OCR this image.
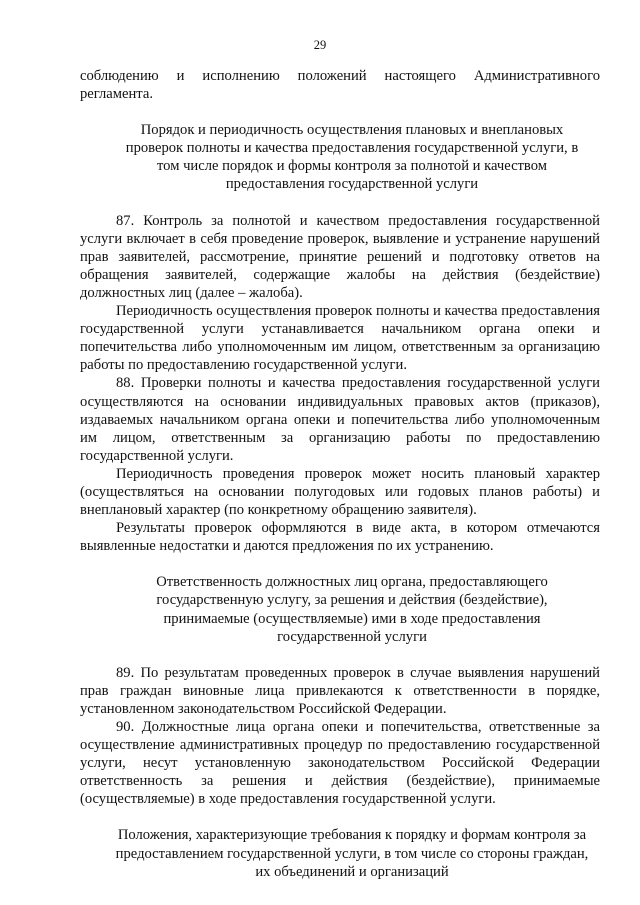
29

соблюдению и исполнению положений настоящего Административного регламента.

Порядок и периодичность осуществления плановых и внеплановых проверок полноты и качества предоставления государственной услуги, в том числе порядок и формы контроля за полнотой и качеством предоставления государственной услуги

87. Контроль за полнотой и качеством предоставления государственной услуги включает в себя проведение проверок, выявление и устранение нарушений прав заявителей, рассмотрение, принятие решений и подготовку ответов на обращения заявителей, содержащие жалобы на действия (бездействие) должностных лиц (далее – жалоба).

Периодичность осуществления проверок полноты и качества предоставления государственной услуги устанавливается начальником органа опеки и попечительства либо уполномоченным им лицом, ответственным за организацию работы по предоставлению государственной услуги.

88. Проверки полноты и качества предоставления государственной услуги осуществляются на основании индивидуальных правовых актов (приказов), издаваемых начальником органа опеки и попечительства либо уполномоченным им лицом, ответственным за организацию работы по предоставлению государственной услуги.

Периодичность проведения проверок может носить плановый характер (осуществляться на основании полугодовых или годовых планов работы) и внеплановый характер (по конкретному обращению заявителя).

Результаты проверок оформляются в виде акта, в котором отмечаются выявленные недостатки и даются предложения по их устранению.

Ответственность должностных лиц органа, предоставляющего государственную услугу, за решения и действия (бездействие), принимаемые (осуществляемые) ими в ходе предоставления государственной услуги

89. По результатам проведенных проверок в случае выявления нарушений прав граждан виновные лица привлекаются к ответственности в порядке, установленном законодательством Российской Федерации.

90. Должностные лица органа опеки и попечительства, ответственные за осуществление административных процедур по предоставлению государственной услуги, несут установленную законодательством Российской Федерации ответственность за решения и действия (бездействие), принимаемые (осуществляемые) в ходе предоставления государственной услуги.

Положения, характеризующие требования к порядку и формам контроля за предоставлением государственной услуги, в том числе со стороны граждан, их объединений и организаций
